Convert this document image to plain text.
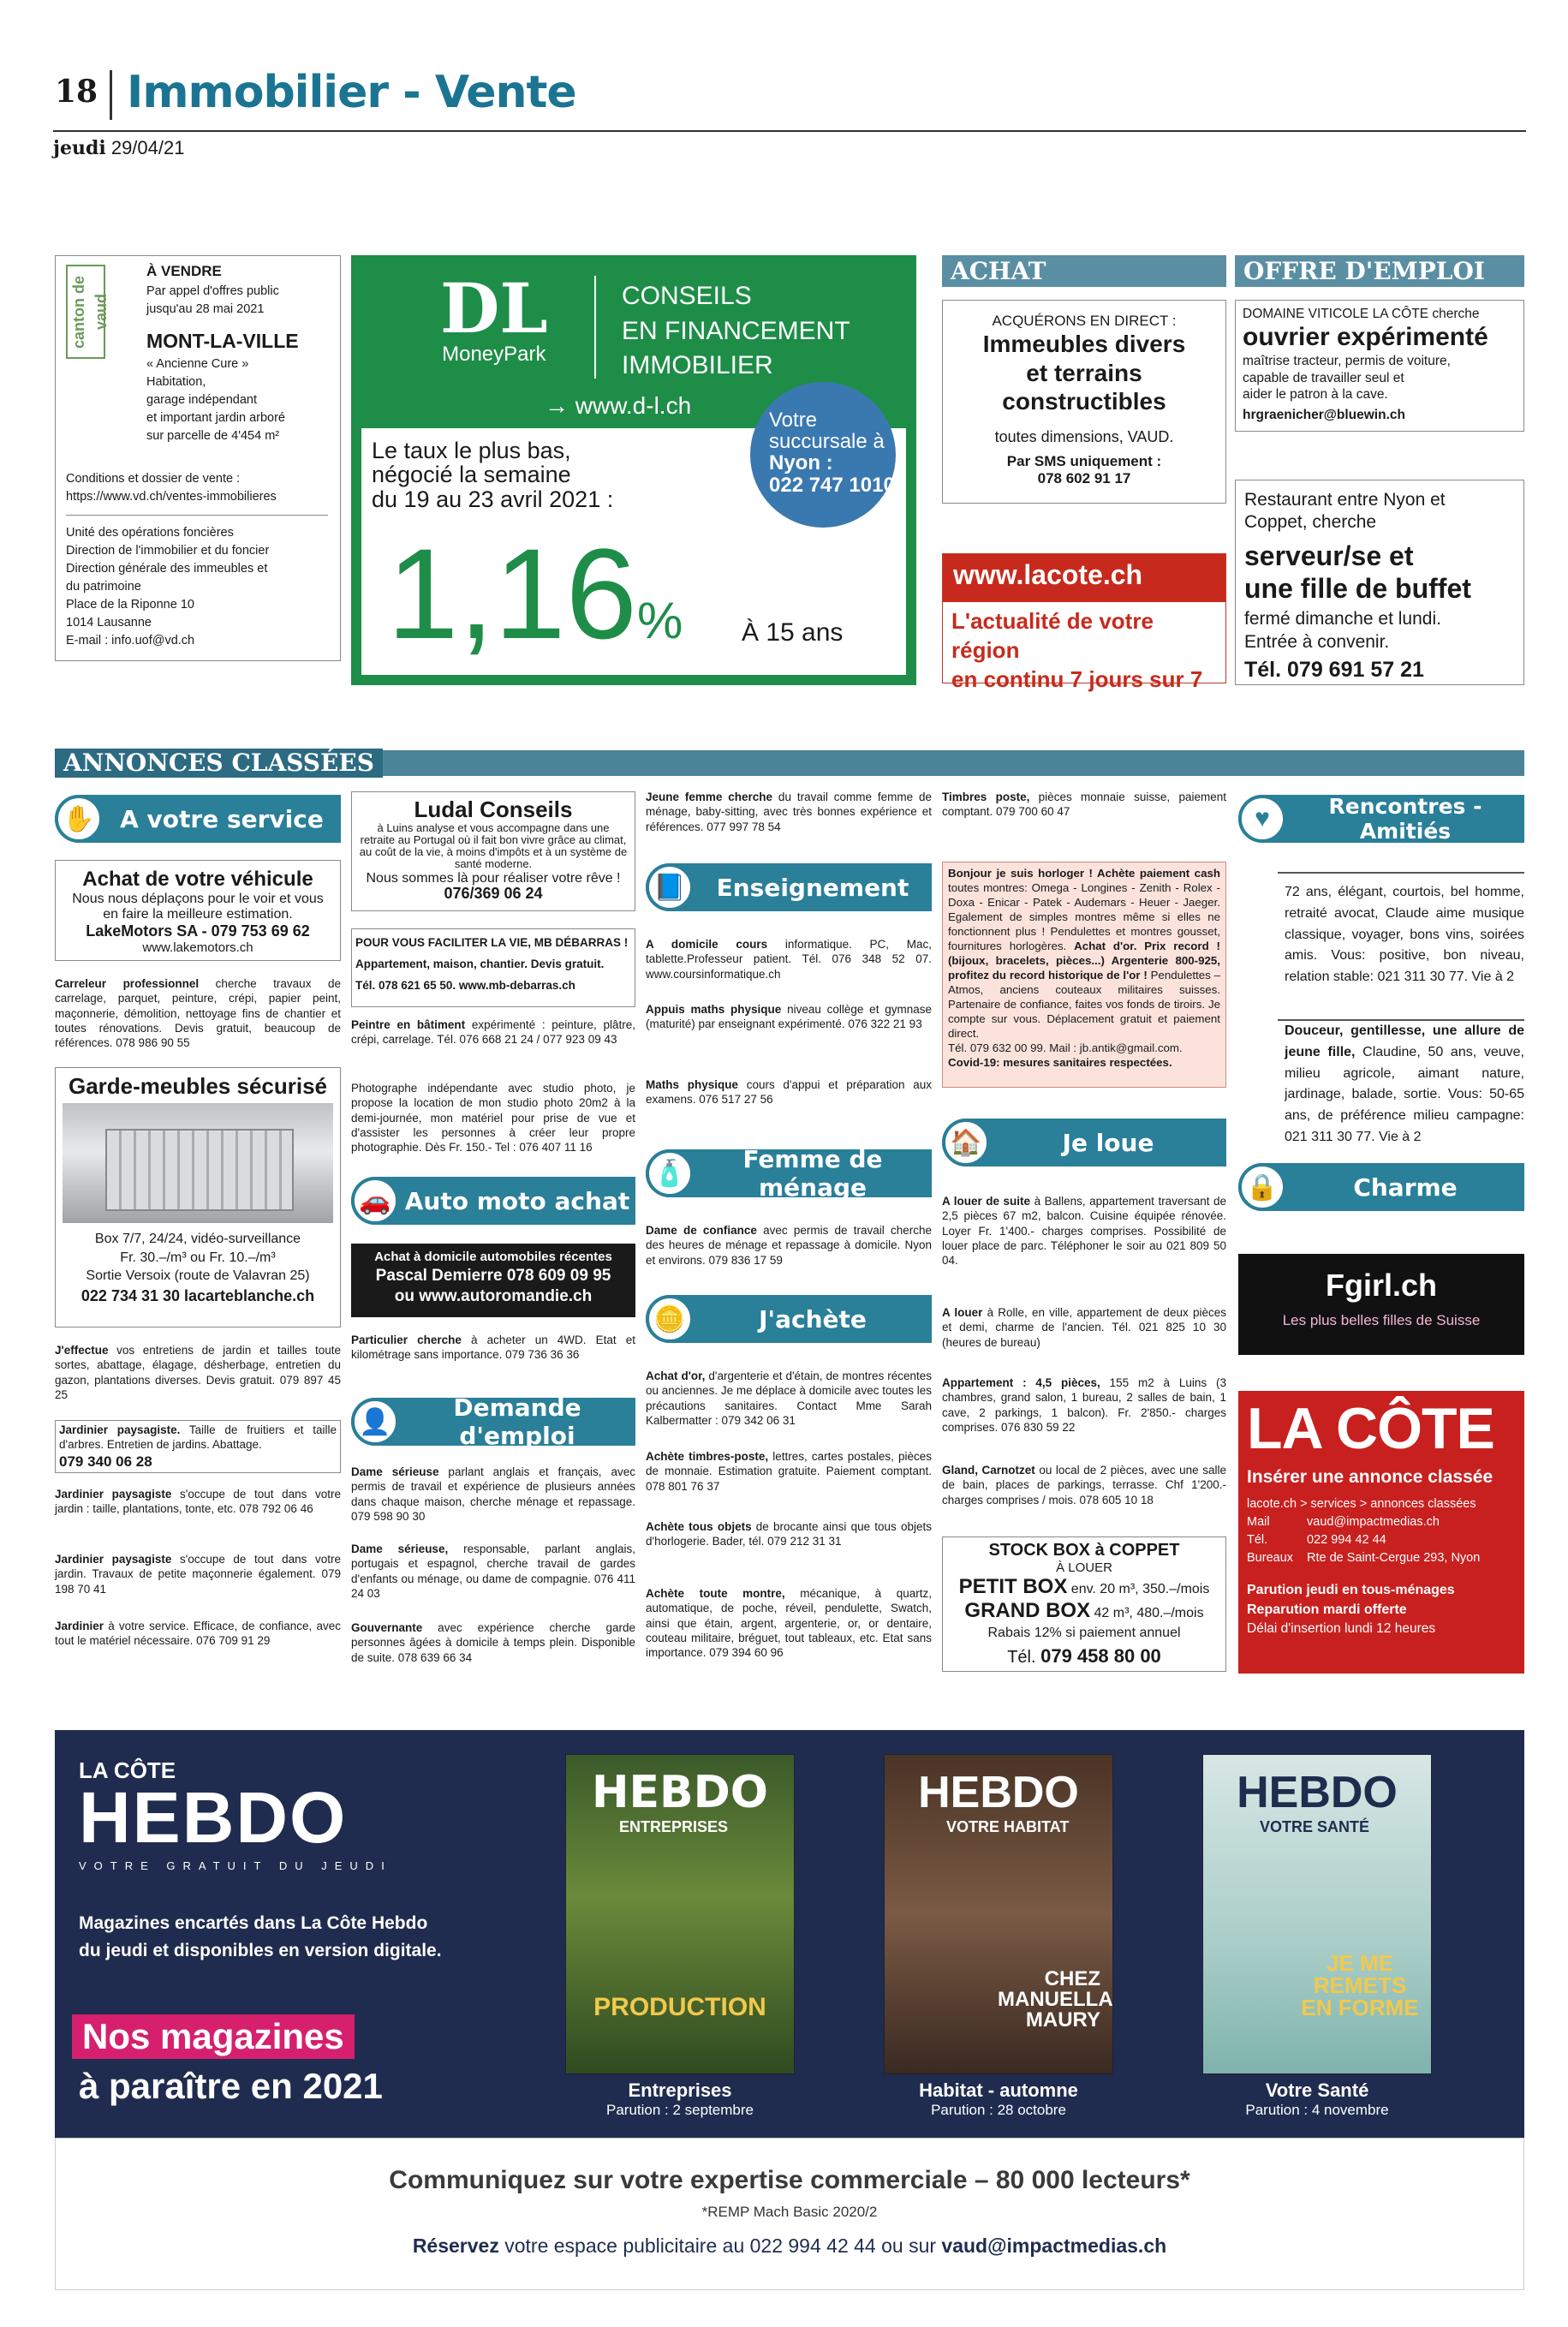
18 Immobilier - Vente
jeudi 29/04/21
canton de vaud
À VENDRE
Par appel d'offres public
jusqu'au 28 mai 2021
MONT-LA-VILLE
« Ancienne Cure »
Habitation,
garage indépendant
et important jardin arboré
sur parcelle de 4'454 m²
Conditions et dossier de vente :
https://www.vd.ch/ventes-immobilieres
Unité des opérations foncières
Direction de l'immobilier et du foncier
Direction générale des immeubles et
du patrimoine
Place de la Riponne 10
1014 Lausanne
E-mail : info.uof@vd.ch
DL
MoneyPark
CONSEILS
EN FINANCEMENT
IMMOBILIER
→ www.d-l.ch
Le taux le plus bas,
négocié la semaine
du 19 au 23 avril 2021 :
1,16% À 15 ans
Votre
succursale à
Nyon :
022 747 1010
ACHAT
ACQUÉRONS EN DIRECT :
Immeubles divers
et terrains
constructibles
toutes dimensions, VAUD.
Par SMS uniquement :
078 602 91 17
www.lacote.ch
L'actualité de votre région
en continu 7 jours sur 7
OFFRE D'EMPLOI
DOMAINE VITICOLE LA CÔTE cherche
ouvrier expérimenté
maîtrise tracteur, permis de voiture,
capable de travailler seul et
aider le patron à la cave.
hrgraenicher@bluewin.ch
Restaurant entre Nyon et
Coppet, cherche
serveur/se et
une fille de buffet
fermé dimanche et lundi.
Entrée à convenir.
Tél. 079 691 57 21
ANNONCES CLASSÉES
✋	A votre service
Achat de votre véhicule
Nous nous déplaçons pour le voir et vous
en faire la meilleure estimation.
LakeMotors SA - 079 753 69 62
www.lakemotors.ch
Carreleur professionnel cherche travaux de carrelage, parquet, peinture, crépi, papier peint, maçonnerie, démolition, nettoyage fins de chantier et toutes rénovations. Devis gratuit, beaucoup de références. 078 986 90 55
Garde-meubles sécurisé
Box 7/7, 24/24, vidéo-surveillance
Fr. 30.–/m³ ou Fr. 10.–/m³
Sortie Versoix (route de Valavran 25)
022 734 31 30 lacarteblanche.ch
J'effectue vos entretiens de jardin et tailles toute sortes, abattage, élagage, désherbage, entretien du gazon, plantations diverses. Devis gratuit. 079 897 45 25
Jardinier paysagiste. Taille de fruitiers et taille d'arbres. Entretien de jardins. Abattage.
079 340 06 28
Jardinier paysagiste s'occupe de tout dans votre jardin : taille, plantations, tonte, etc. 078 792 06 46
Jardinier paysagiste s'occupe de tout dans votre jardin. Travaux de petite maçonnerie également. 079 198 70 41
Jardinier à votre service. Efficace, de confiance, avec tout le matériel nécessaire. 076 709 91 29
Ludal Conseils
à Luins analyse et vous accompagne dans une retraite au Portugal où il fait bon vivre grâce au climat, au coût de la vie, à moins d'impôts et à un système de santé moderne.
Nous sommes là pour réaliser votre rêve !
076/369 06 24
POUR VOUS FACILITER LA VIE, MB DÉBARRAS !
Appartement, maison, chantier. Devis gratuit.
Tél. 078 621 65 50. www.mb-debarras.ch
Peintre en bâtiment expérimenté : peinture, plâtre, crépi, carrelage. Tél. 076 668 21 24 / 077 923 09 43
Photographe indépendante avec studio photo, je propose la location de mon studio photo 20m2 à la demi-journée, mon matériel pour prise de vue et d'assister les personnes à créer leur propre photographie. Dès Fr. 150.- Tel : 076 407 11 16
🚗 Auto moto achat
Achat à domicile automobiles récentes
Pascal Demierre 078 609 09 95
ou www.autoromandie.ch
Particulier cherche à acheter un 4WD. Etat et kilométrage sans importance. 079 736 36 36
👤	Demande d'emploi
Dame sérieuse parlant anglais et français, avec permis de travail et expérience de plusieurs années dans chaque maison, cherche ménage et repassage. 079 598 90 30
Dame sérieuse, responsable, parlant anglais, portugais et espagnol, cherche travail de gardes d'enfants ou ménage, ou dame de compagnie. 076 411 24 03
Gouvernante avec expérience cherche garde personnes âgées à domicile à temps plein. Disponible de suite. 078 639 66 34
Jeune femme cherche du travail comme femme de ménage, baby-sitting, avec très bonnes expérience et références. 077 997 78 54
📘	Enseignement
A domicile cours informatique. PC, Mac, tablette.Professeur patient. Tél. 076 348 52 07. www.coursinformatique.ch
Appuis maths physique niveau collège et gymnase (maturité) par enseignant expérimenté. 076 322 21 93
Maths physique cours d'appui et préparation aux examens. 076 517 27 56
🧴	Femme de ménage
Dame de confiance avec permis de travail cherche des heures de ménage et repassage à domicile. Nyon et environs. 079 836 17 59
🪙	J'achète
Achat d'or, d'argenterie et d'étain, de montres récentes ou anciennes. Je me déplace à domicile avec toutes les précautions sanitaires. Contact Mme Sarah Kalbermatter : 079 342 06 31
Achète timbres-poste, lettres, cartes postales, pièces de monnaie. Estimation gratuite. Paiement comptant. 078 801 76 37
Achète tous objets de brocante ainsi que tous objets d'horlogerie. Bader, tél. 079 212 31 31
Achète toute montre, mécanique, à quartz, automatique, de poche, réveil, pendulette, Swatch, ainsi que étain, argent, argenterie, or, or dentaire, couteau militaire, bréguet, tout tableaux, etc. Etat sans importance. 079 394 60 96
Timbres poste, pièces monnaie suisse, paiement comptant. 079 700 60 47
Bonjour je suis horloger ! Achète paiement cash toutes montres: Omega - Longines - Zenith - Rolex - Doxa - Enicar - Patek - Audemars - Heuer - Jaeger. Egalement de simples montres même si elles ne fonctionnent plus ! Pendulettes et montres gousset, fournitures horlogères. Achat d'or. Prix record ! (bijoux, bracelets, pièces...) Argenterie 800-925, profitez du record historique de l'or ! Pendulettes – Atmos, anciens couteaux militaires suisses. Partenaire de confiance, faites vos fonds de tiroirs. Je compte sur vous. Déplacement gratuit et paiement direct.
Tél. 079 632 00 99. Mail : jb.antik@gmail.com.
Covid-19: mesures sanitaires respectées.
🏠	Je loue
A louer de suite à Ballens, appartement traversant de 2,5 pièces 67 m2, balcon. Cuisine équipée rénovée. Loyer Fr. 1'400.- charges comprises. Possibilité de louer place de parc. Téléphoner le soir au 021 809 50 04.
A louer à Rolle, en ville, appartement de deux pièces et demi, charme de l'ancien. Tél. 021 825 10 30 (heures de bureau)
Appartement : 4,5 pièces, 155 m2 à Luins (3 chambres, grand salon, 1 bureau, 2 salles de bain, 1 cave, 2 parkings, 1 balcon). Fr. 2'850.- charges comprises. 076 830 59 22
Gland, Carnotzet ou local de 2 pièces, avec une salle de bain, places de parkings, terrasse. Chf 1'200.- charges comprises / mois. 078 605 10 18
STOCK BOX à COPPET
À LOUER
PETIT BOX env. 20 m³, 350.–/mois
GRAND BOX 42 m³, 480.–/mois
Rabais 12% si paiement annuel
Tél. 079 458 80 00
♥	Rencontres - Amitiés
72 ans, élégant, courtois, bel homme, retraité avocat, Claude aime musique classique, voyager, bons vins, soirées amis. Vous: positive, bon niveau, relation stable: 021 311 30 77. Vie à 2
Douceur, gentillesse, une allure de jeune fille, Claudine, 50 ans, veuve, milieu agricole, aimant nature, jardinage, balade, sortie. Vous: 50-65 ans, de préférence milieu campagne: 021 311 30 77. Vie à 2
🔒	Charme
Fgirl.ch
Les plus belles filles de Suisse
LA CÔTE
Insérer une annonce classée
lacote.ch > services > annonces classées
Mail	vaud@impactmedias.ch
Tél.	022 994 42 44
Bureaux Rte de Saint-Cergue 293, Nyon
Parution jeudi en tous-ménages
Reparution mardi offerte
Délai d'insertion lundi 12 heures
LA CÔTE
HEBDO
VOTRE GRATUIT DU JEUDI
Magazines encartés dans La Côte Hebdo
du jeudi et disponibles en version digitale.
Nos magazines
à paraître en 2021
HEBDO
ENTREPRISES
PRODUCTION
HEBDO
VOTRE HABITAT
CHEZ MANUELLA MAURY
HEBDO
VOTRE SANTÉ
JE ME REMETS EN FORME
Entreprises
Parution : 2 septembre
Habitat - automne
Parution : 28 octobre
Votre Santé
Parution : 4 novembre
Communiquez sur votre expertise commerciale – 80 000 lecteurs*
*REMP Mach Basic 2020/2
Réservez votre espace publicitaire au 022 994 42 44 ou sur vaud@impactmedias.ch
